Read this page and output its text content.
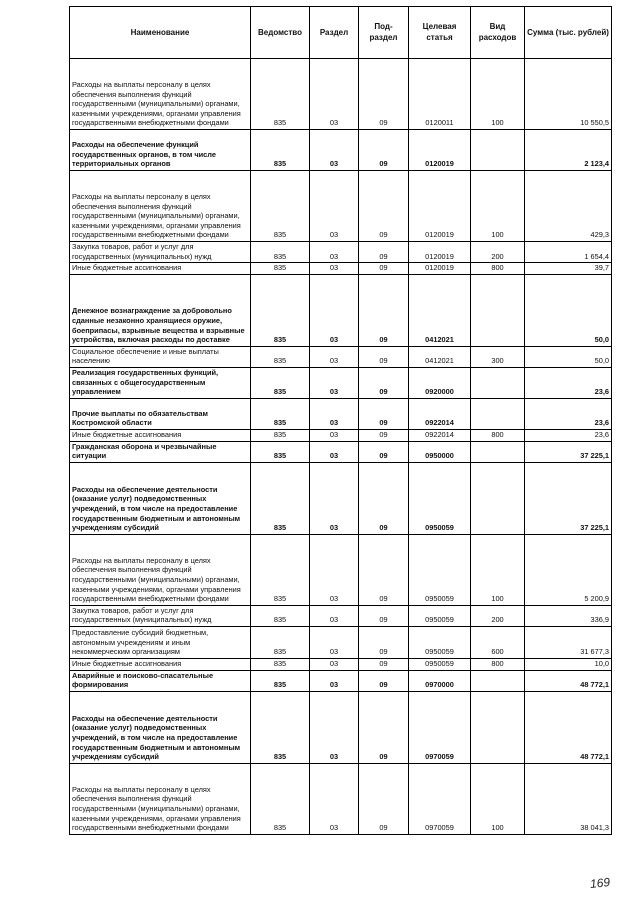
Наименование	Ведомство	Раздел	Под-раздел	Целевая статья	Вид расходов	Сумма (тыс. рублей)
Расходы на выплаты персоналу в целях обеспечения выполнения функций государственными (муниципальными) органами, казенными учреждениями, органами управления государственными внебюджетными фондами	835	03	09	0120011	100	10 550,5
Расходы на обеспечение функций государственных органов, в том числе территориальных органов	835	03	09	0120019		2 123,4
Расходы на выплаты персоналу в целях обеспечения выполнения функций государственными (муниципальными) органами, казенными учреждениями, органами управления государственными внебюджетными фондами	835	03	09	0120019	100	429,3
Закупка товаров, работ и услуг для государственных (муниципальных) нужд	835	03	09	0120019	200	1 654,4
Иные бюджетные ассигнования	835	03	09	0120019	800	39,7
Денежное вознаграждение за добровольно сданные незаконно хранящиеся оружие, боеприпасы, взрывные вещества и взрывные устройства, включая расходы по доставке	835	03	09	0412021		50,0
Социальное обеспечение и иные выплаты населению	835	03	09	0412021	300	50,0
Реализация государственных функций, связанных с общегосударственным управлением	835	03	09	0920000		23,6
Прочие выплаты по обязательствам Костромской области	835	03	09	0922014		23,6
Иные бюджетные ассигнования	835	03	09	0922014	800	23,6
Гражданская оборона и чрезвычайные ситуации	835	03	09	0950000		37 225,1
Расходы на обеспечение деятельности (оказание услуг) подведомственных учреждений, в том числе на предоставление государственным бюджетным и автономным учреждениям субсидий	835	03	09	0950059		37 225,1
Расходы на выплаты персоналу в целях обеспечения выполнения функций государственными (муниципальными) органами, казенными учреждениями, органами управления государственными внебюджетными фондами	835	03	09	0950059	100	5 200,9
Закупка товаров, работ и услуг для государственных (муниципальных) нужд	835	03	09	0950059	200	336,9
Предоставление субсидий бюджетным, автономным учреждениям и иным некоммерческим организациям	835	03	09	0950059	600	31 677,3
Иные бюджетные ассигнования	835	03	09	0950059	800	10,0
Аварийные и поисково-спасательные формирования	835	03	09	0970000		48 772,1
Расходы на обеспечение деятельности (оказание услуг) подведомственных учреждений, в том числе на предоставление государственным бюджетным и автономным учреждениям субсидий	835	03	09	0970059		48 772,1
Расходы на выплаты персоналу в целях обеспечения выполнения функций государственными (муниципальными) органами, казенными учреждениями, органами управления государственными внебюджетными фондами	835	03	09	0970059	100	38 041,3
169
